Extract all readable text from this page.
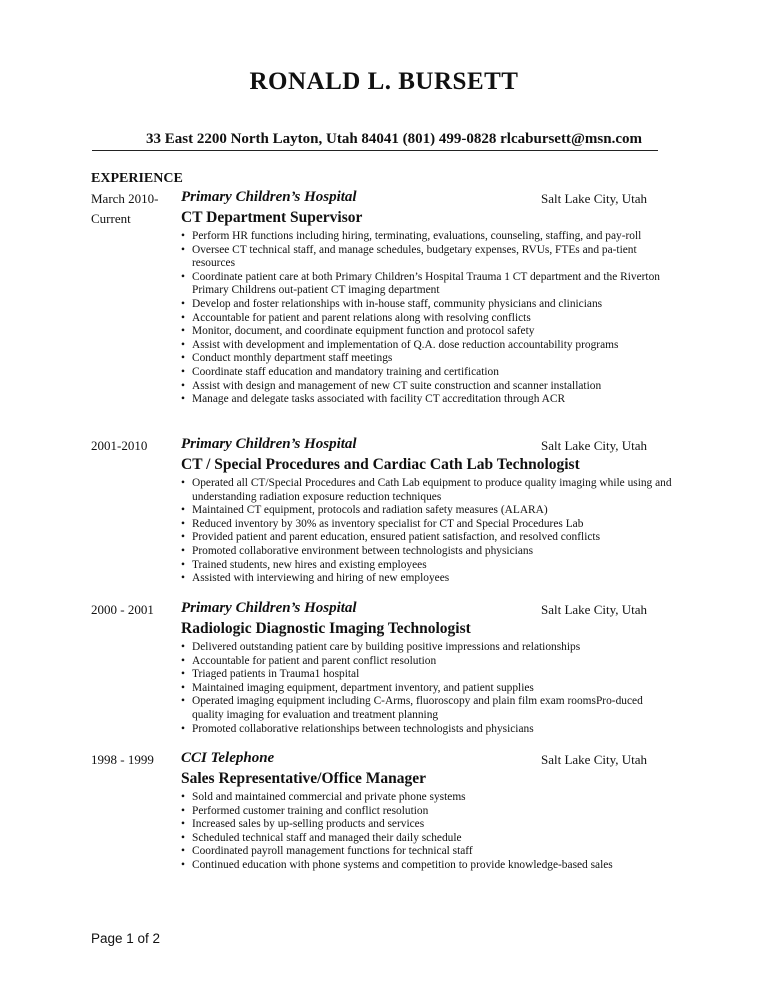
RONALD L. BURSETT
33 East 2200 North Layton, Utah 84041 (801) 499-0828 rlcabursett@msn.com
EXPERIENCE
March 2010-
Current
Primary Children’s Hospital	Salt Lake City, Utah
CT Department Supervisor
• Perform HR functions including hiring, terminating, evaluations, counseling, staffing, and pay-roll
• Oversee CT technical staff, and manage schedules, budgetary expenses, RVUs, FTEs and pa-tient resources
• Coordinate patient care at both Primary Children’s Hospital Trauma 1 CT department and the Riverton Primary Childrens out-patient CT imaging department
• Develop and foster relationships with in-house staff, community physicians and clinicians
• Accountable for patient and parent relations along with resolving conflicts
• Monitor, document, and coordinate equipment function and protocol safety
• Assist with development and implementation of Q.A. dose reduction accountability programs
• Conduct monthly department staff meetings
• Coordinate staff education and mandatory training and certification
• Assist with design and management of new CT suite construction and scanner installation
• Manage and delegate tasks associated with facility CT accreditation through ACR
2001-2010 Primary Children’s Hospital	Salt Lake City, Utah
CT / Special Procedures and Cardiac Cath Lab Technologist
• Operated all CT/Special Procedures and Cath Lab equipment to produce quality imaging while using and understanding radiation exposure reduction techniques
• Maintained CT equipment, protocols and radiation safety measures (ALARA)
• Reduced inventory by 30% as inventory specialist for CT and Special Procedures Lab
• Provided patient and parent education, ensured patient satisfaction, and resolved conflicts
• Promoted collaborative environment between technologists and physicians
• Trained students, new hires and existing employees
• Assisted with interviewing and hiring of new employees
2000 - 2001 Primary Children’s Hospital	Salt Lake City, Utah
Radiologic Diagnostic Imaging Technologist
• Delivered outstanding patient care by building positive impressions and relationships
• Accountable for patient and parent conflict resolution
• Triaged patients in Trauma1 hospital
• Maintained imaging equipment, department inventory, and patient supplies
• Operated imaging equipment including C-Arms, fluoroscopy and plain film exam roomsPro-duced quality imaging for evaluation and treatment planning
• Promoted collaborative relationships between technologists and physicians
1998 - 1999 CCI Telephone	Salt Lake City, Utah
Sales Representative/Office Manager
• Sold and maintained commercial and private phone systems
• Performed customer training and conflict resolution
• Increased sales by up-selling products and services
• Scheduled technical staff and managed their daily schedule
• Coordinated payroll management functions for technical staff
• Continued education with phone systems and competition to provide knowledge-based sales
Page 1 of 2
